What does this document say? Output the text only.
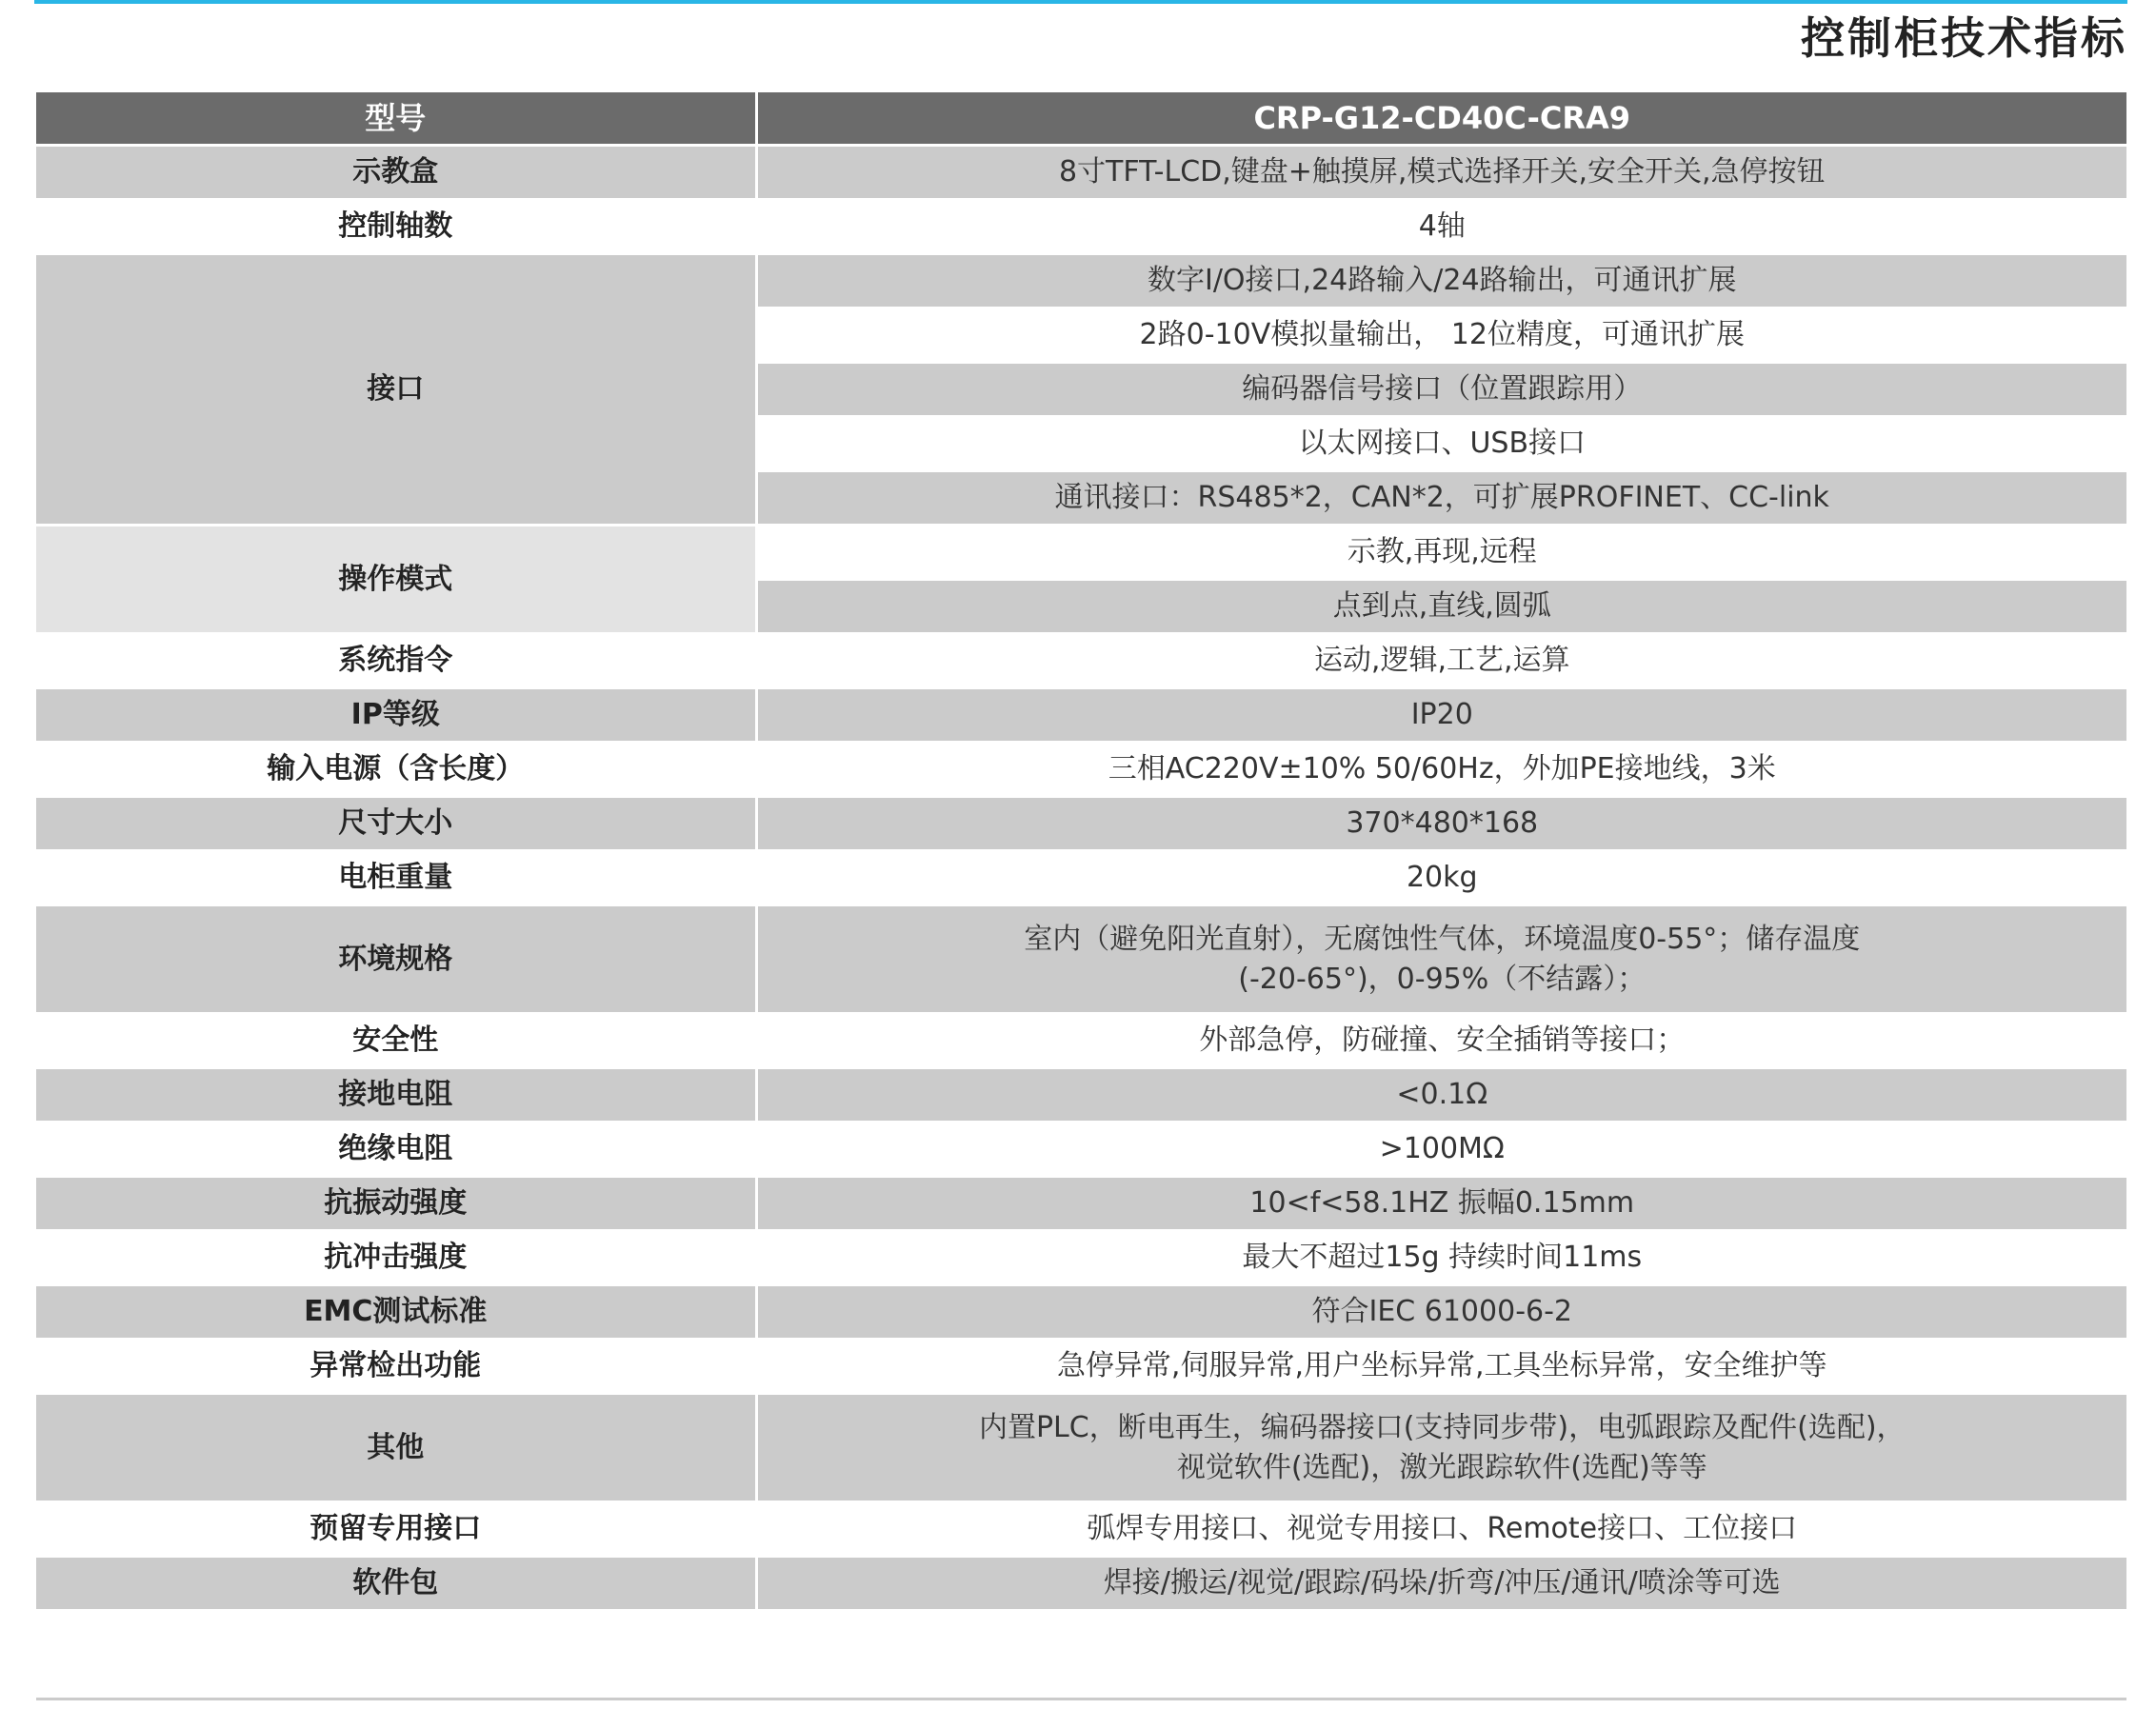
控制柜技术指标
型号	CRP-G12-CD40C-CRA9
示教盒	8寸TFT-LCD,键盘+触摸屏,模式选择开关,安全开关,急停按钮
控制轴数	4轴
接口	数字I/O接口,24路输入/24路输出，可通讯扩展
	2路0-10V模拟量输出， 12位精度，可通讯扩展
	编码器信号接口（位置跟踪用）
	以太网接口、USB接口
	通讯接口：RS485*2，CAN*2，可扩展PROFINET、CC-link
操作模式	示教,再现,远程
	点到点,直线,圆弧
系统指令	运动,逻辑,工艺,运算
IP等级	IP20
输入电源（含长度）	三相AC220V±10% 50/60Hz，外加PE接地线，3米
尺寸大小	370*480*168
电柜重量	20kg
环境规格	室内（避免阳光直射），无腐蚀性气体，环境温度0-55°；储存温度
(-20-65°)，0-95%（不结露）；

安全性	外部急停，防碰撞、安全插销等接口；
接地电阻	<0.1Ω
绝缘电阻	>100MΩ
抗振动强度	10<f<58.1HZ 振幅0.15mm
抗冲击强度	最大不超过15g 持续时间11ms
EMC测试标准	符合IEC 61000-6-2
异常检出功能	急停异常,伺服异常,用户坐标异常,工具坐标异常，安全维护等
其他	内置PLC，断电再生，编码器接口(支持同步带)，电弧跟踪及配件(选配)，
视觉软件(选配)，激光跟踪软件(选配)等等

预留专用接口	弧焊专用接口、视觉专用接口、Remote接口、工位接口
软件包	焊接/搬运/视觉/跟踪/码垛/折弯/冲压/通讯/喷涂等可选
